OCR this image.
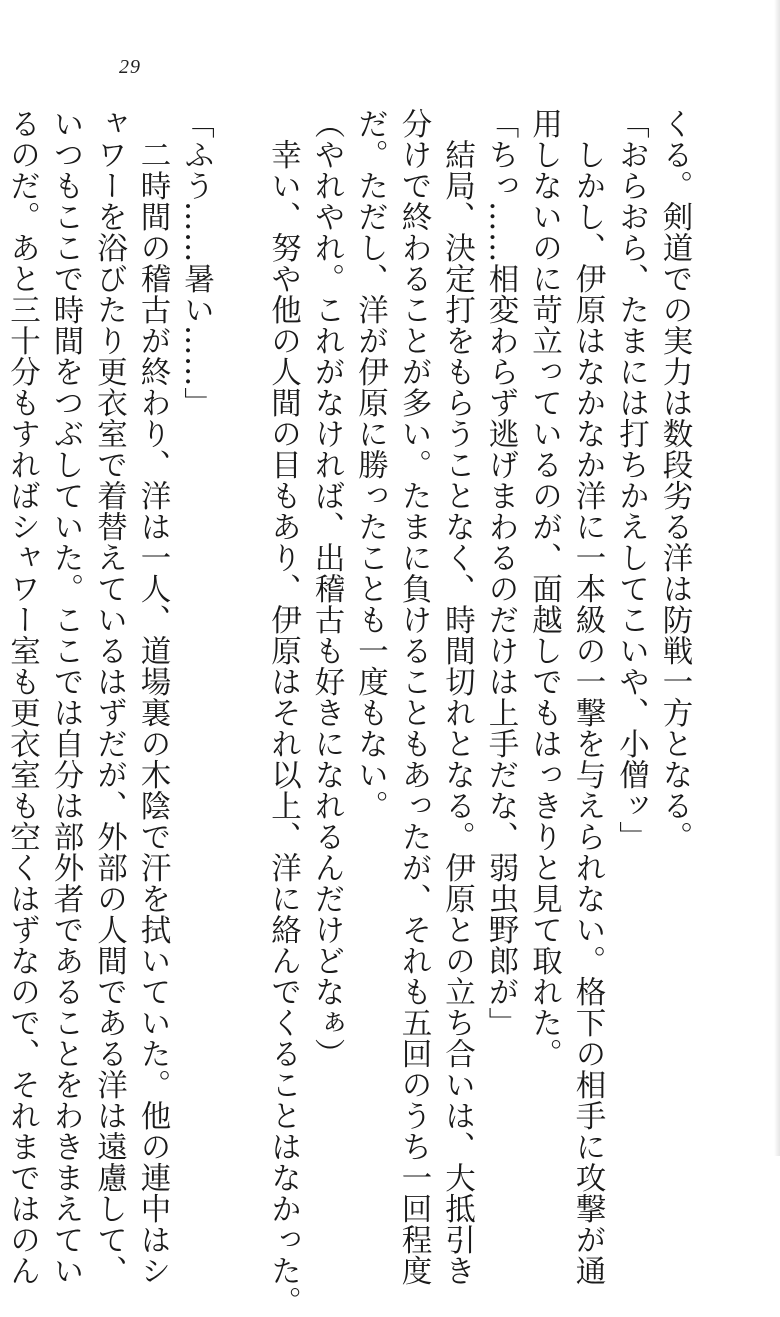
29

くる。剣道での実力は数段劣る洋は防戦一方となる。

「おらおら、たまには打ちかえしてこいや、小僧ッ」

　しかし、伊原はなかなか洋に一本級の一撃を与えられない。格下の相手に攻撃が通

用しないのに苛立っているのが、面越しでもはっきりと見て取れた。

「ちっ……相変わらず逃げまわるのだけは上手だな、弱虫野郎が」

　結局、決定打をもらうことなく、時間切れとなる。伊原との立ち合いは、大抵引き

分けで終わることが多い。たまに負けることもあったが、それも五回のうち一回程度

だ。ただし、洋が伊原に勝ったことも一度もない。

（やれやれ。これがなければ、出稽古も好きになれるんだけどなぁ）

　幸い、努や他の人間の目もあり、伊原はそれ以上、洋に絡んでくることはなかった。

「ふう……暑い……」

　二時間の稽古が終わり、洋は一人、道場裏の木陰で汗を拭いていた。他の連中はシ

ャワーを浴びたり更衣室で着替えているはずだが、外部の人間である洋は遠慮して、

いつもここで時間をつぶしていた。ここでは自分は部外者であることをわきまえてい

るのだ。あと三十分もすればシャワー室も更衣室も空くはずなので、それまではのん
